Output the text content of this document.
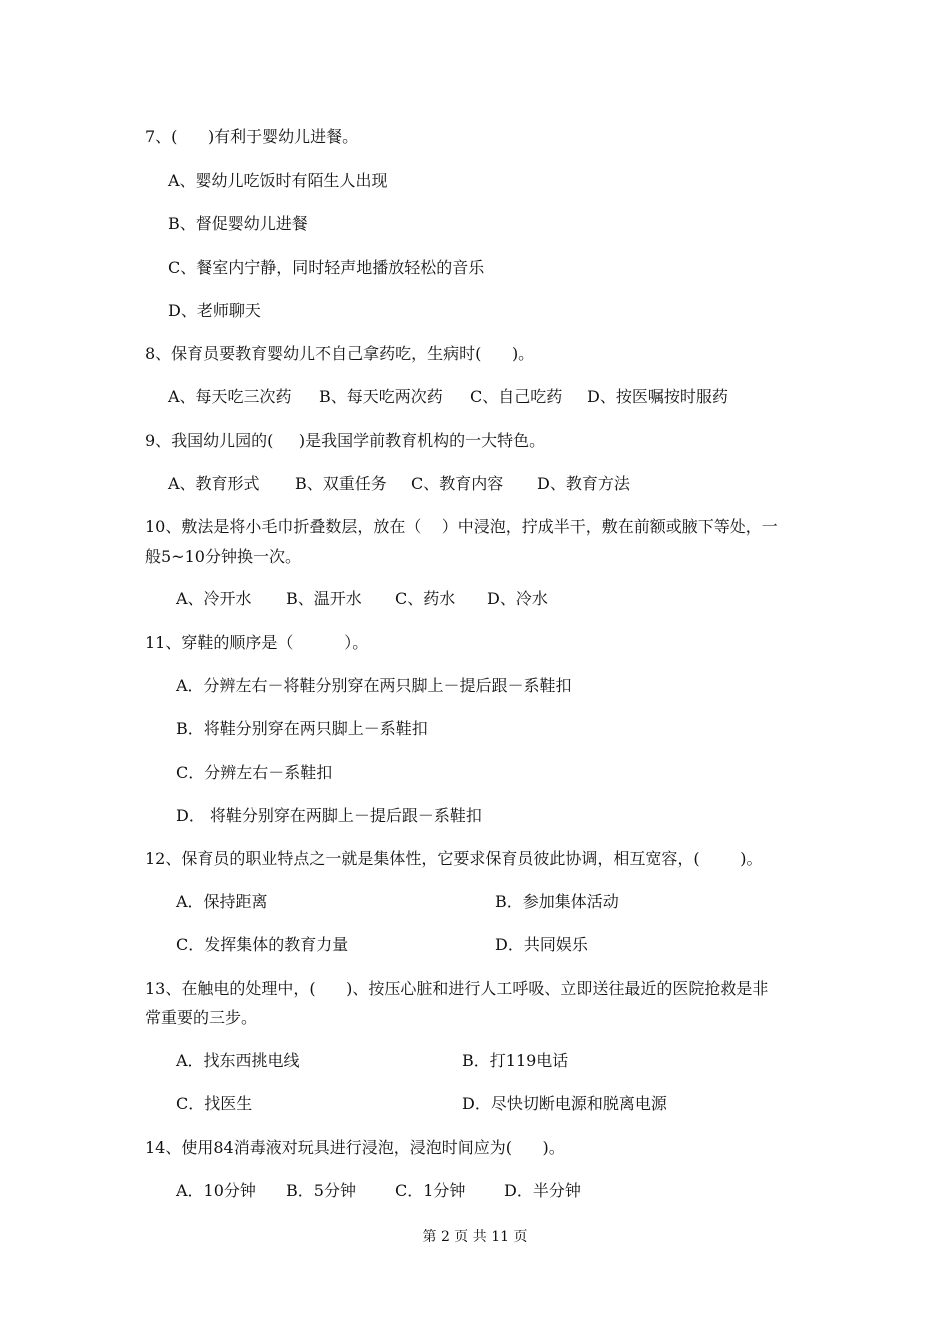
7、(      )有利于婴幼儿进餐。
A、婴幼儿吃饭时有陌生人出现
B、督促婴幼儿进餐
C、餐室内宁静，同时轻声地播放轻松的音乐
D、老师聊天
8、保育员要教育婴幼儿不自己拿药吃，生病时(      )。
A、每天吃三次药 B、每天吃两次药 C、自己吃药 D、按医嘱按时服药
9、我国幼儿园的(     )是我国学前教育机构的一大特色。
A、教育形式 B、双重任务 C、教育内容 D、教育方法
10、敷法是将小毛巾折叠数层，放在（    ）中浸泡，拧成半干，敷在前额或腋下等处，一
般5~10分钟换一次。
A、冷开水 B、温开水 C、药水 D、冷水
11、穿鞋的顺序是（          ）。
A．分辨左右－将鞋分别穿在两只脚上－提后跟－系鞋扣
B．将鞋分别穿在两只脚上－系鞋扣
C．分辨左右－系鞋扣
D． 将鞋分别穿在两脚上－提后跟－系鞋扣
12、保育员的职业特点之一就是集体性，它要求保育员彼此协调，相互宽容，(        )。
A．保持距离	B．参加集体活动
C．发挥集体的教育力量	D．共同娱乐
13、在触电的处理中，(      )、按压心脏和进行人工呼吸、立即送往最近的医院抢救是非
常重要的三步。
A．找东西挑电线	B．打119电话
C．找医生	D．尽快切断电源和脱离电源
14、使用84消毒液对玩具进行浸泡，浸泡时间应为(      )。
A．10分钟 B．5分钟 C．1分钟 D．半分钟
第 2 页 共 11 页
